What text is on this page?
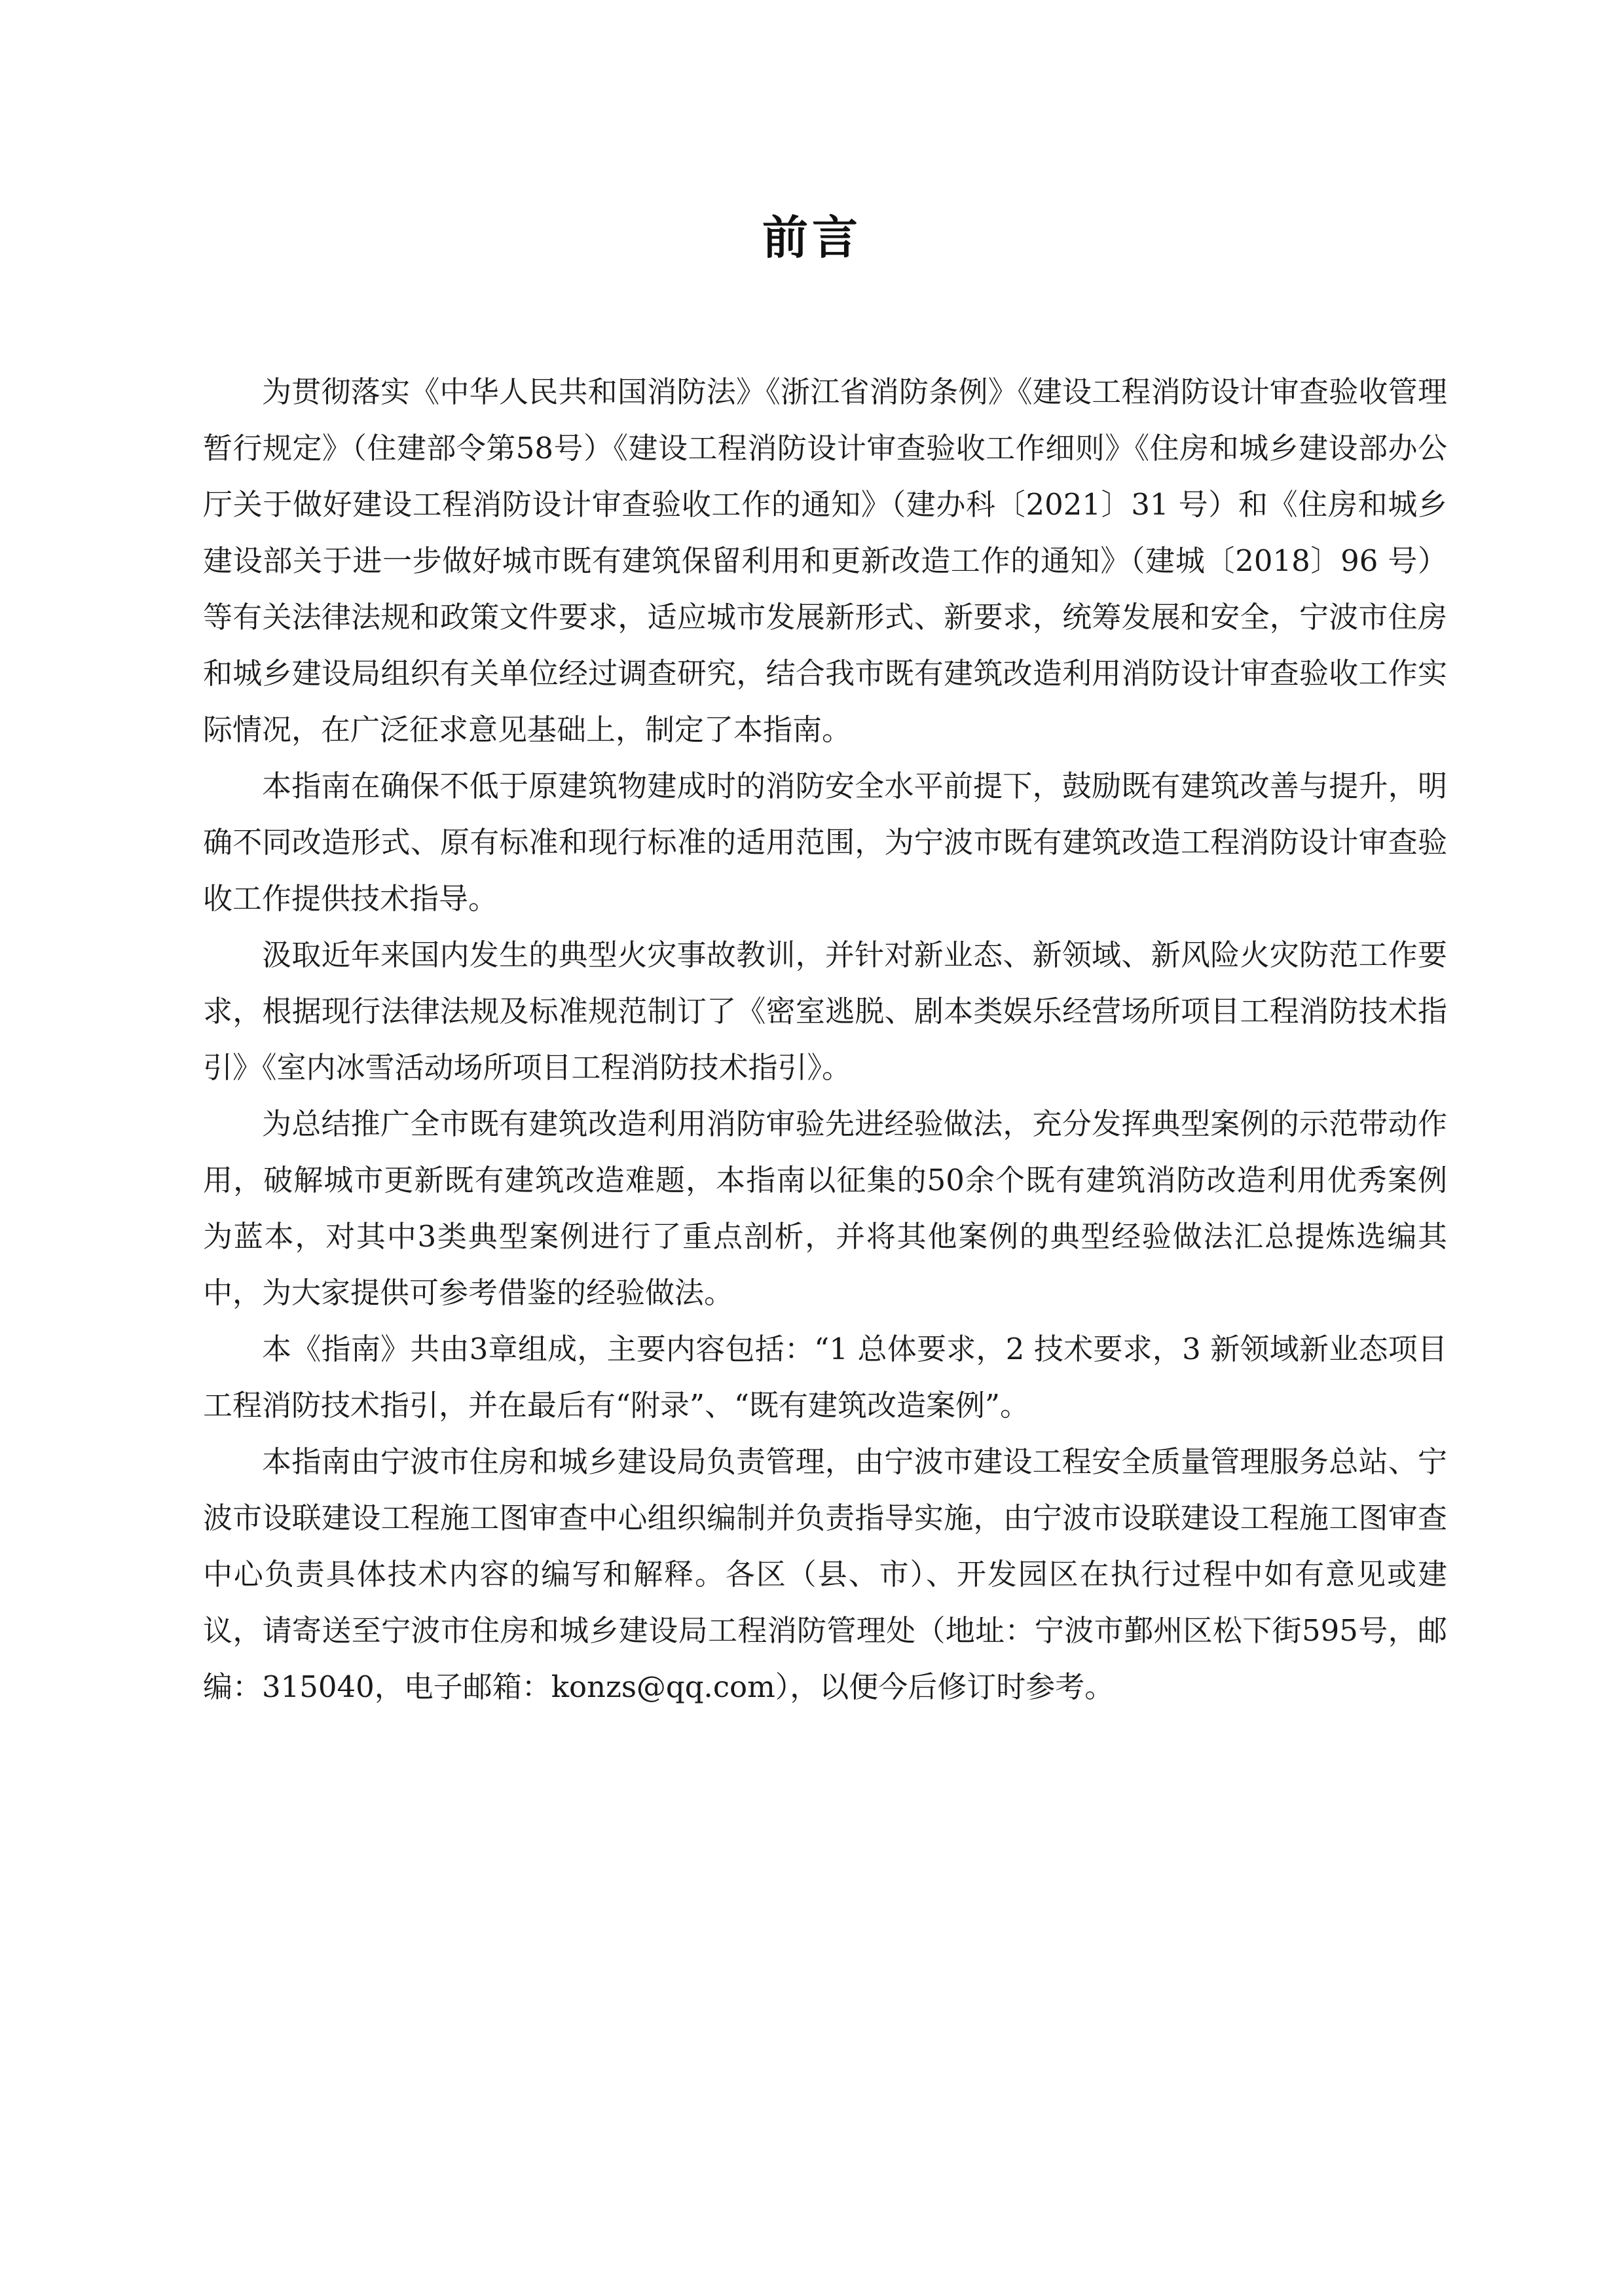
前言

为贯彻落实《中华人民共和国消防法》《浙江省消防条例》《建设工程消防设计审查验收管理暂行规定》（住建部令第58号）《建设工程消防设计审查验收工作细则》《住房和城乡建设部办公厅关于做好建设工程消防设计审查验收工作的通知》（建办科〔2021〕31 号）和《住房和城乡建设部关于进一步做好城市既有建筑保留利用和更新改造工作的通知》（建城〔2018〕96 号）等有关法律法规和政策文件要求，适应城市发展新形式、新要求，统筹发展和安全，宁波市住房和城乡建设局组织有关单位经过调查研究，结合我市既有建筑改造利用消防设计审查验收工作实际情况，在广泛征求意见基础上，制定了本指南。

本指南在确保不低于原建筑物建成时的消防安全水平前提下，鼓励既有建筑改善与提升，明确不同改造形式、原有标准和现行标准的适用范围，为宁波市既有建筑改造工程消防设计审查验收工作提供技术指导。

汲取近年来国内发生的典型火灾事故教训，并针对新业态、新领域、新风险火灾防范工作要求，根据现行法律法规及标准规范制订了《密室逃脱、剧本类娱乐经营场所项目工程消防技术指引》《室内冰雪活动场所项目工程消防技术指引》。

为总结推广全市既有建筑改造利用消防审验先进经验做法，充分发挥典型案例的示范带动作用，破解城市更新既有建筑改造难题，本指南以征集的50余个既有建筑消防改造利用优秀案例为蓝本，对其中3类典型案例进行了重点剖析，并将其他案例的典型经验做法汇总提炼选编其中，为大家提供可参考借鉴的经验做法。

本《指南》共由3章组成，主要内容包括：“1 总体要求，2 技术要求，3 新领域新业态项目工程消防技术指引，并在最后有“附录”、“既有建筑改造案例”。

本指南由宁波市住房和城乡建设局负责管理，由宁波市建设工程安全质量管理服务总站、宁波市设联建设工程施工图审查中心组织编制并负责指导实施，由宁波市设联建设工程施工图审查中心负责具体技术内容的编写和解释。各区（县、市）、开发园区在执行过程中如有意见或建议，请寄送至宁波市住房和城乡建设局工程消防管理处（地址：宁波市鄞州区松下街595号，邮编：315040，电子邮箱：konzs@qq.com），以便今后修订时参考。
